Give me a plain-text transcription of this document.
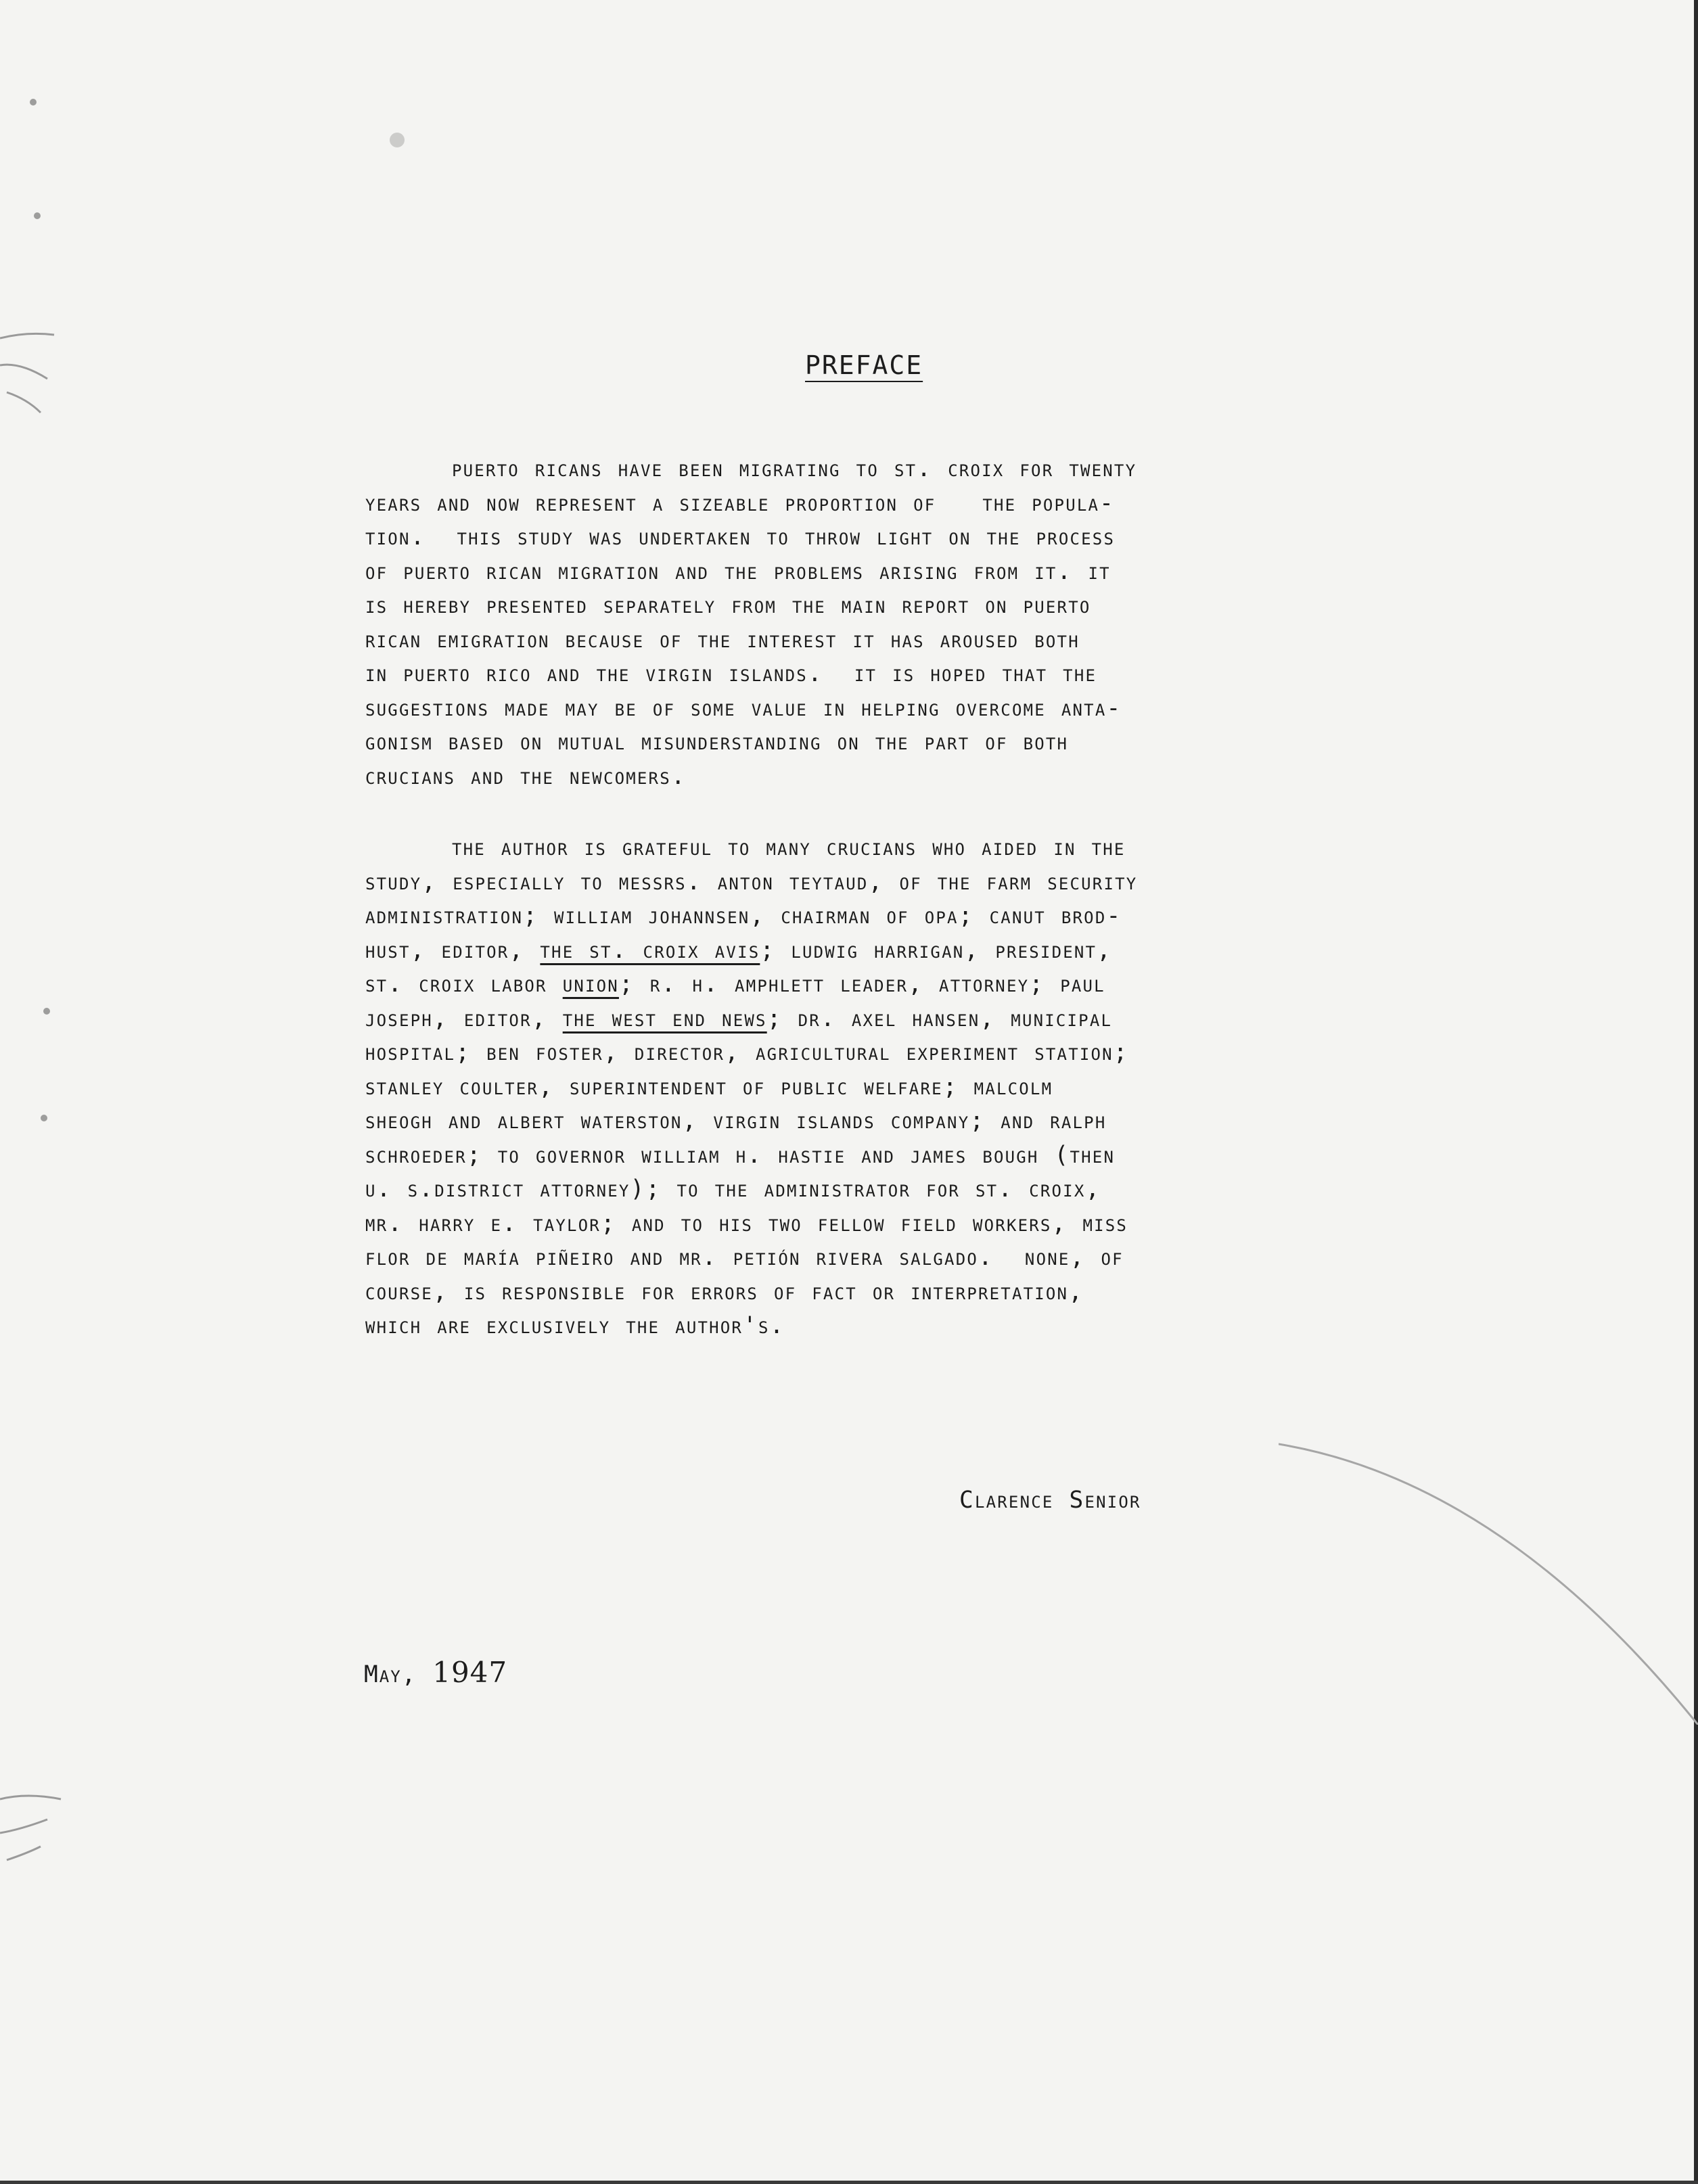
PREFACE
puerto ricans have been migrating to st. croix for twenty
years and now represent a sizeable proportion of   the popula-
tion.  this study was undertaken to throw light on the process
of puerto rican migration and the problems arising from it. it
is hereby presented separately from the main report on puerto
rican emigration because of the interest it has aroused both
in puerto rico and the virgin islands.  it is hoped that the
suggestions made may be of some value in helping overcome anta-
gonism based on mutual misunderstanding on the part of both
crucians and the newcomers.
the author is grateful to many crucians who aided in the
study, especially to messrs. anton teytaud, of the farm security
administration; william johannsen, chairman of opa; canut brod-
hust, editor, the st. croix avis; ludwig harrigan, president,
st. croix labor union; r. h. amphlett leader, attorney; paul
joseph, editor, the west end news; dr. axel hansen, municipal
hospital; ben foster, director, agricultural experiment station;
stanley coulter, superintendent of public welfare; malcolm
sheogh and albert waterston, virgin islands company; and ralph
schroeder; to governor william h. hastie and james bough (then
u. s.district attorney); to the administrator for st. croix,
mr. harry e. taylor; and to his two fellow field workers, miss
flor de maría piñeiro and mr. petión rivera salgado.  none, of
course, is responsible for errors of fact or interpretation,
which are exclusively the author's.
Clarence Senior
May, 1947
